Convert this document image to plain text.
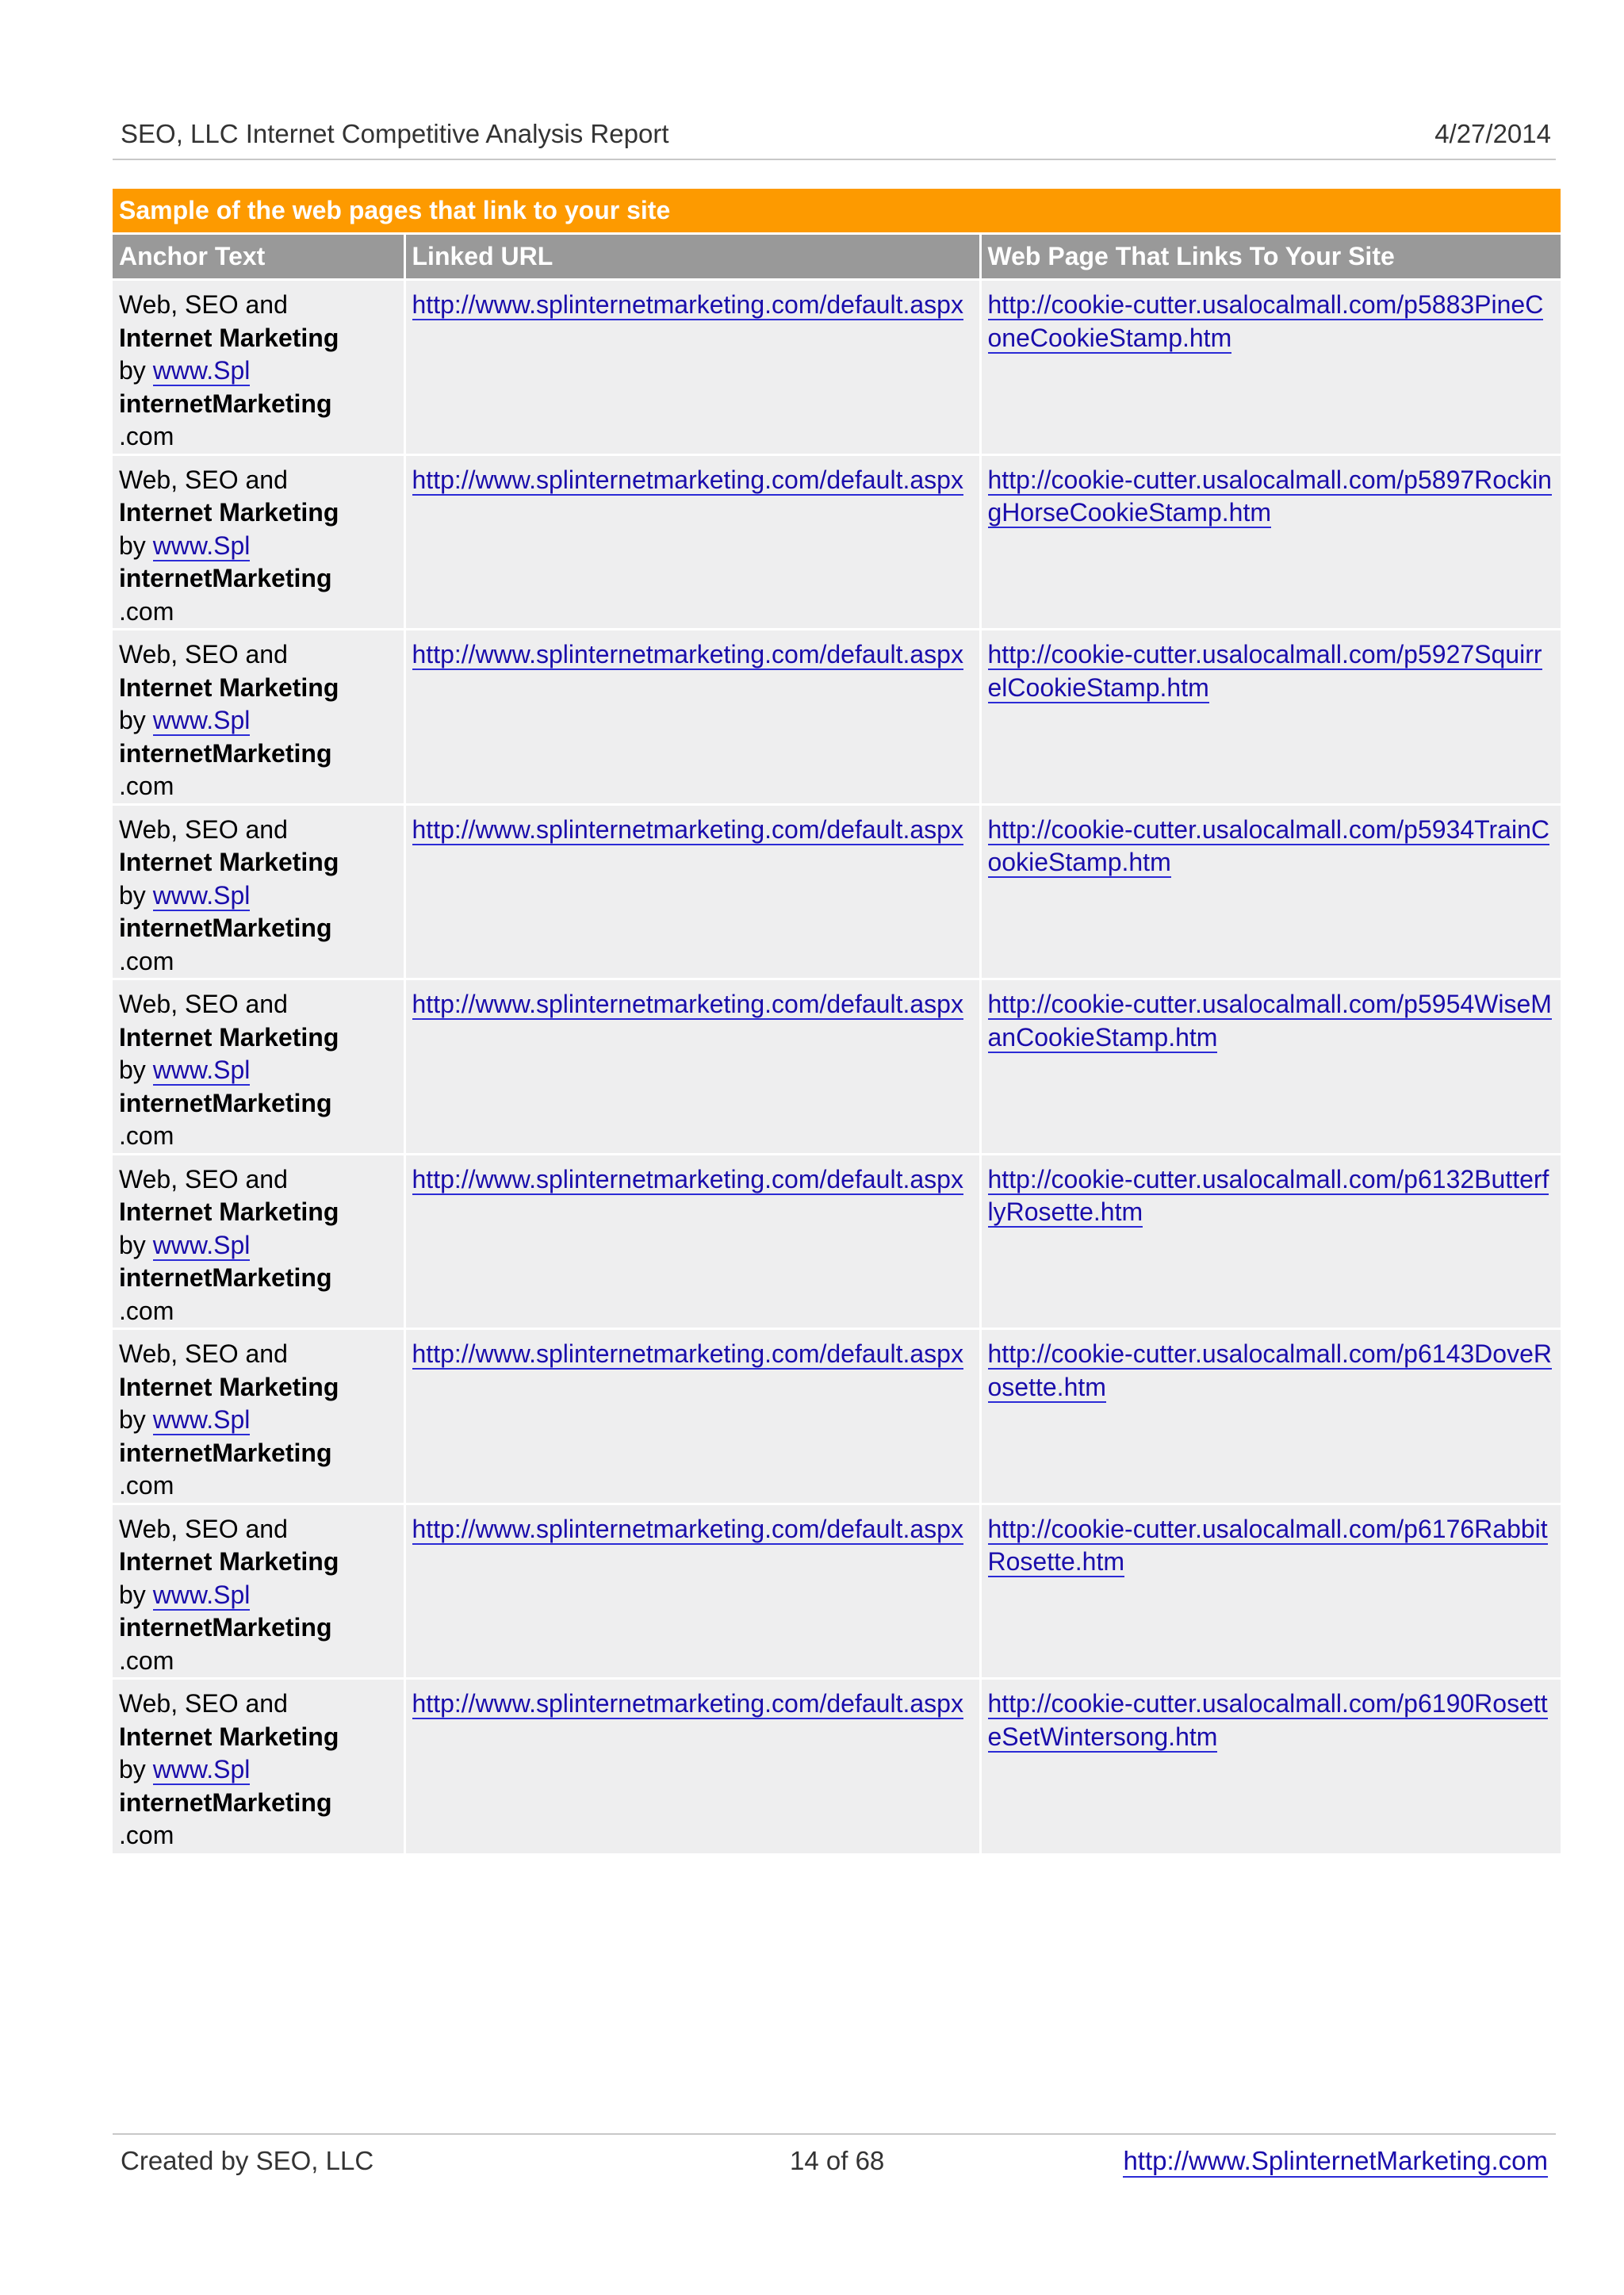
SEO, LLC Internet Competitive Analysis Report	4/27/2014
Sample of the web pages that link to your site		
Anchor Text	Linked URL	Web Page That Links To Your Site

Web, SEO and
Internet Marketing
by www.Spl
internetMarketing
.com	http://www.splinternetmarketing.com/default.aspx	http://cookie-cutter.usalocalmall.com/p5883PineConeCookieStamp.htm

Web, SEO and
Internet Marketing
by www.Spl
internetMarketing
.com	http://www.splinternetmarketing.com/default.aspx	http://cookie-cutter.usalocalmall.com/p5897RockingHorseCookieStamp.htm

Web, SEO and
Internet Marketing
by www.Spl
internetMarketing
.com	http://www.splinternetmarketing.com/default.aspx	http://cookie-cutter.usalocalmall.com/p5927SquirrelCookieStamp.htm

Web, SEO and
Internet Marketing
by www.Spl
internetMarketing
.com	http://www.splinternetmarketing.com/default.aspx	http://cookie-cutter.usalocalmall.com/p5934TrainCookieStamp.htm

Web, SEO and
Internet Marketing
by www.Spl
internetMarketing
.com	http://www.splinternetmarketing.com/default.aspx	http://cookie-cutter.usalocalmall.com/p5954WiseManCookieStamp.htm

Web, SEO and
Internet Marketing
by www.Spl
internetMarketing
.com	http://www.splinternetmarketing.com/default.aspx	http://cookie-cutter.usalocalmall.com/p6132ButterflyRosette.htm

Web, SEO and
Internet Marketing
by www.Spl
internetMarketing
.com	http://www.splinternetmarketing.com/default.aspx	http://cookie-cutter.usalocalmall.com/p6143DoveRosette.htm

Web, SEO and
Internet Marketing
by www.Spl
internetMarketing
.com	http://www.splinternetmarketing.com/default.aspx	http://cookie-cutter.usalocalmall.com/p6176RabbitRosette.htm

Web, SEO and
Internet Marketing
by www.Spl
internetMarketing
.com	http://www.splinternetmarketing.com/default.aspx	http://cookie-cutter.usalocalmall.com/p6190RosetteSetWintersong.htm
Created by SEO, LLC	14 of 68	http://www.SplinternetMarketing.com
